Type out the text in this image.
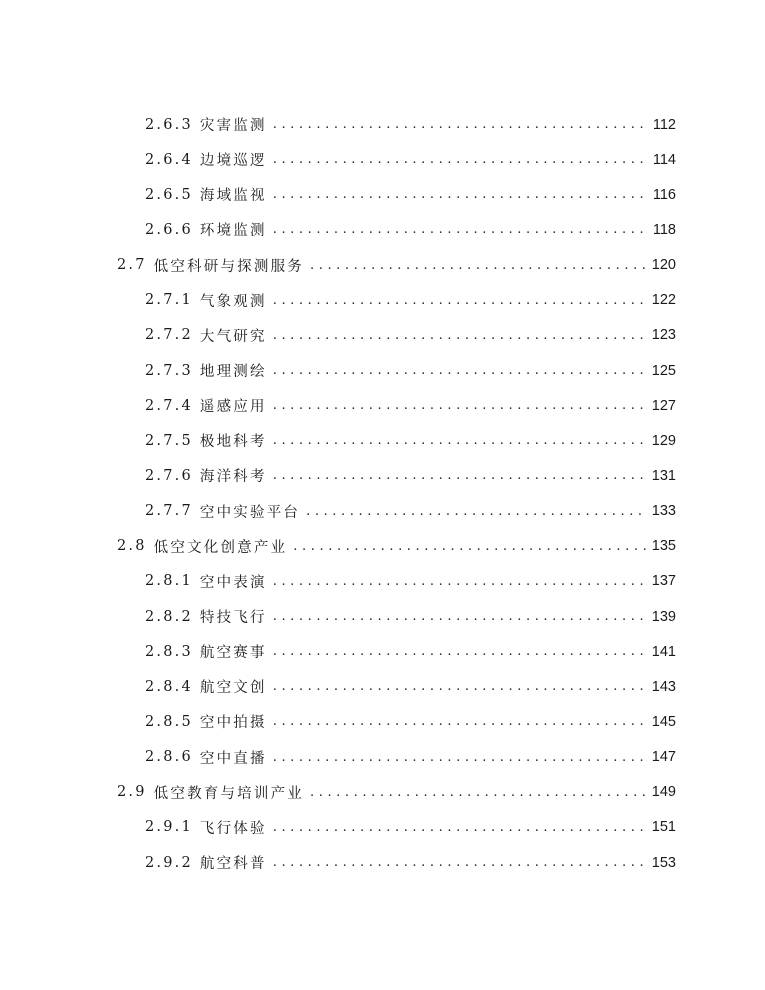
2.6.3 灾害监测 .....	112
2.6.4 边境巡逻 .....	114
2.6.5 海域监视 .....	116
2.6.6 环境监测 .....	118
2.7 低空科研与探测服务 .....	120
2.7.1 气象观测 .....	122
2.7.2 大气研究 .....	123
2.7.3 地理测绘 .....	125
2.7.4 遥感应用 .....	127
2.7.5 极地科考 .....	129
2.7.6 海洋科考 .....	131
2.7.7 空中实验平台 .....	133
2.8 低空文化创意产业 .....	135
2.8.1 空中表演 .....	137
2.8.2 特技飞行 .....	139
2.8.3 航空赛事 .....	141
2.8.4 航空文创 .....	143
2.8.5 空中拍摄 .....	145
2.8.6 空中直播 .....	147
2.9 低空教育与培训产业 .....	149
2.9.1 飞行体验 .....	151
2.9.2 航空科普 .....	153
